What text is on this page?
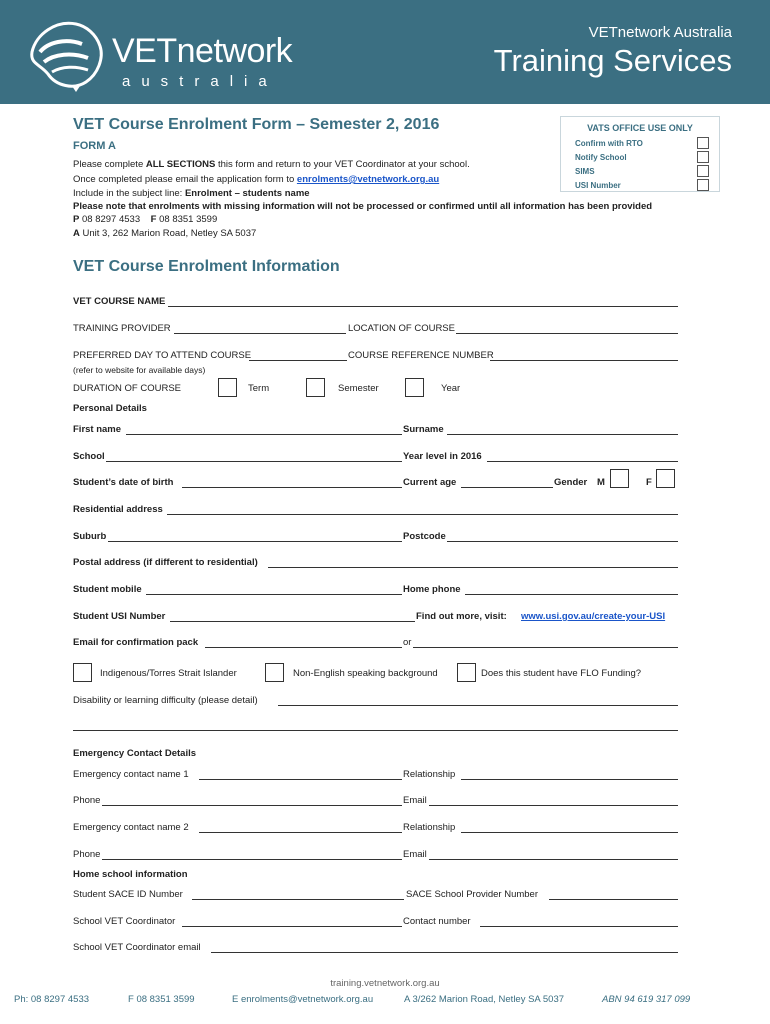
VETnetwork
australia
VETnetwork Australia
Training Services
VATS OFFICE USE ONLY
Confirm with RTO
Notify School
SIMS
USI Number
VET Course Enrolment Form – Semester 2, 2016
FORM A
Please complete ALL SECTIONS this form and return to your VET Coordinator at your school.
Once completed please email the application form to enrolments@vetnetwork.org.au
Include in the subject line: Enrolment – students name
Please note that enrolments with missing information will not be processed or confirmed until all information has been provided
P 08 8297 4533 F 08 8351 3599
A Unit 3, 262 Marion Road, Netley SA 5037
VET Course Enrolment Information
VET COURSE NAME
TRAINING PROVIDER	LOCATION OF COURSE
PREFERRED DAY TO ATTEND COURSE	COURSE REFERENCE NUMBER
(refer to website for available days)
DURATION OF COURSE	Term	Semester	Year
Personal Details
First name	Surname
School	Year level in 2016
Student’s date of birth	Current age	Gender M	F
Residential address
Suburb	Postcode
Postal address (if different to residential)
Student mobile	Home phone
Student USI Number	Find out more, visit: www.usi.gov.au/create-your-USI
Email for confirmation pack	or
Indigenous/Torres Strait Islander	Non-English speaking background	Does this student have FLO Funding?
Disability or learning difficulty (please detail)
Emergency Contact Details
Emergency contact name 1	Relationship
Phone	Email
Emergency contact name 2	Relationship
Phone	Email
Home school information
Student SACE ID Number	SACE School Provider Number
School VET Coordinator	Contact number
School VET Coordinator email
training.vetnetwork.org.au
Ph: 08 8297 4533	F 08 8351 3599	E enrolments@vetnetwork.org.au	A 3/262 Marion Road, Netley SA 5037	ABN 94 619 317 099
